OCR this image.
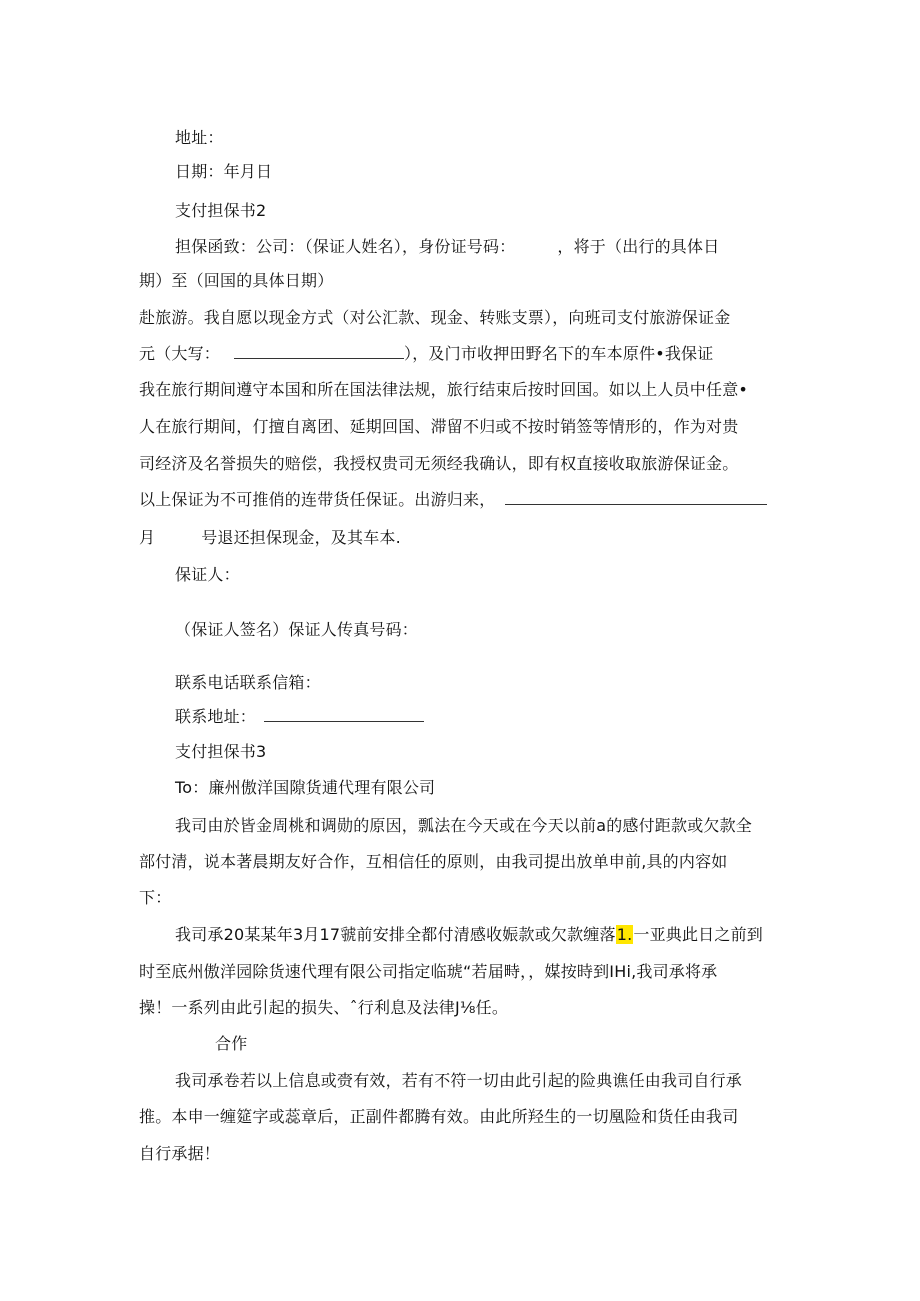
地址：
日期：年月日
支付担保书2
担保函致：公司：（保证人姓名），身份证号码：	，将于（出行的具体日
期）至（回国的具体日期）
赴旅游。我自愿以现金方式（对公汇款、现金、转账支票），向班司支付旅游保证金
元（大写：	），及门市收押田野名下的车本原件•我保证
我在旅行期间遵守本国和所在国法律法规，旅行结束后按时回国。如以上人员中任意•
人在旅行期间，仃擅自离团、延期回国、滞留不归或不按时销签等情形的，作为对贵
司经济及名誉损失的赔偿，我授权贵司无须经我确认，即有权直接收取旅游保证金。
以上保证为不可推俏的连带货任保证。出游归来，
月	号退还担保现金，及其车本.
保证人：
（保证人签名）保证人传真号码：
联系电话联系信箱：
联系地址：
支付担保书3
To：廉州傲洋国隙货逋代理有限公司
我司由於皆金周桃和调勋的原因，瓢法在今天或在今天以前a的感付距款或欠款全
部付清，说本著晨期友好合作，互相信任的原则，由我司提出放单申前,具的内容如
下：
我司承20某某年3月17虢前安排全都付清感收娠款或欠款缠落1.一亚典此日之前到
时至底州傲洋园除货速代理有限公司指定临琥“若届畤，，媒按時到IHi,我司承将承
操！一系列由此引起的损失、ˆ行利息及法律J⅛任。
合作
我司承卷若以上信息或赍有效，若有不符一切由此引起的险典谯任由我司自行承
推。本申一缠筵字或蕊章后，正副件都腾有效。由此所羟生的一切凰险和货任由我司
自行承据！
